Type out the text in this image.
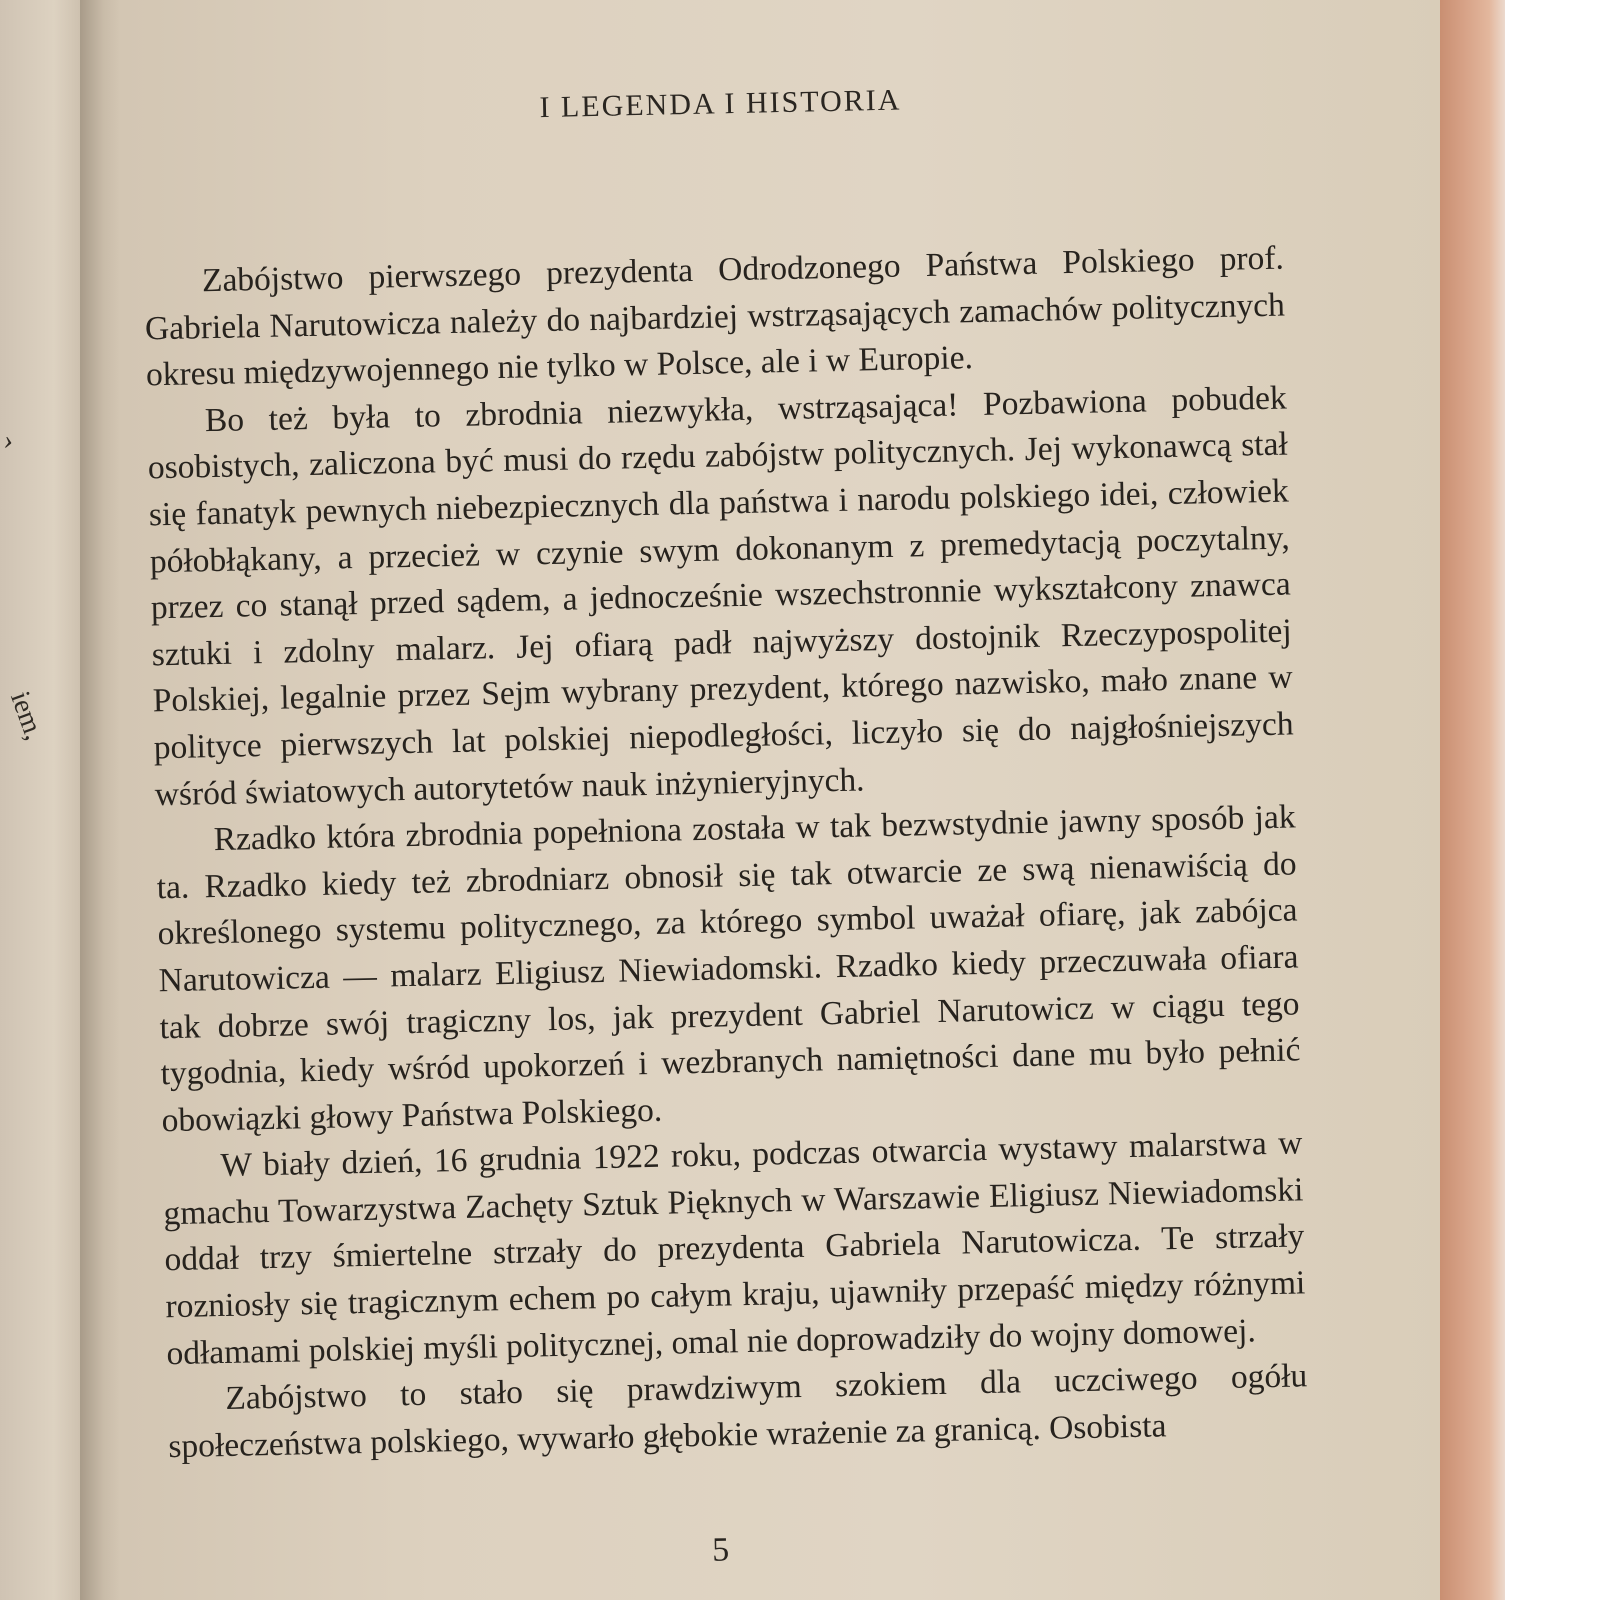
›
iem,
I LEGENDA I HISTORIA

Zabójstwo pierwszego prezydenta Odrodzonego Państwa Polskiego prof. Gabriela Narutowicza należy do najbardziej wstrząsających zamachów politycznych okresu międzywojennego nie tylko w Polsce, ale i w Europie.

Bo też była to zbrodnia niezwykła, wstrząsająca! Pozbawiona pobudek osobistych, zaliczona być musi do rzędu zabójstw politycznych. Jej wykonawcą stał się fanatyk pewnych niebezpiecznych dla państwa i narodu polskiego idei, człowiek półobłąkany, a przecież w czynie swym dokonanym z premedytacją poczytalny, przez co stanął przed sądem, a jednocześnie wszechstronnie wykształcony znawca sztuki i zdolny malarz. Jej ofiarą padł najwyższy dostojnik Rzeczypospolitej Polskiej, legalnie przez Sejm wybrany prezydent, którego nazwisko, mało znane w polityce pierwszych lat polskiej niepodległości, liczyło się do najgłośniejszych wśród światowych autorytetów nauk inżynieryjnych.

Rzadko która zbrodnia popełniona została w tak bezwstydnie jawny sposób jak ta. Rzadko kiedy też zbrodniarz obnosił się tak otwarcie ze swą nienawiścią do określonego systemu politycznego, za którego symbol uważał ofiarę, jak zabójca Narutowicza — malarz Eligiusz Niewiadomski. Rzadko kiedy przeczuwała ofiara tak dobrze swój tragiczny los, jak prezydent Gabriel Narutowicz w ciągu tego tygodnia, kiedy wśród upokorzeń i wezbranych namiętności dane mu było pełnić obowiązki głowy Państwa Polskiego.

W biały dzień, 16 grudnia 1922 roku, podczas otwarcia wystawy malarstwa w gmachu Towarzystwa Zachęty Sztuk Pięknych w Warszawie Eligiusz Niewiadomski oddał trzy śmiertelne strzały do prezydenta Gabriela Narutowicza. Te strzały rozniosły się tragicznym echem po całym kraju, ujawniły przepaść między różnymi odłamami polskiej myśli politycznej, omal nie doprowadziły do wojny domowej.

Zabójstwo to stało się prawdziwym szokiem dla uczciwego ogółu społeczeństwa polskiego, wywarło głębokie wrażenie za granicą. Osobista

5
